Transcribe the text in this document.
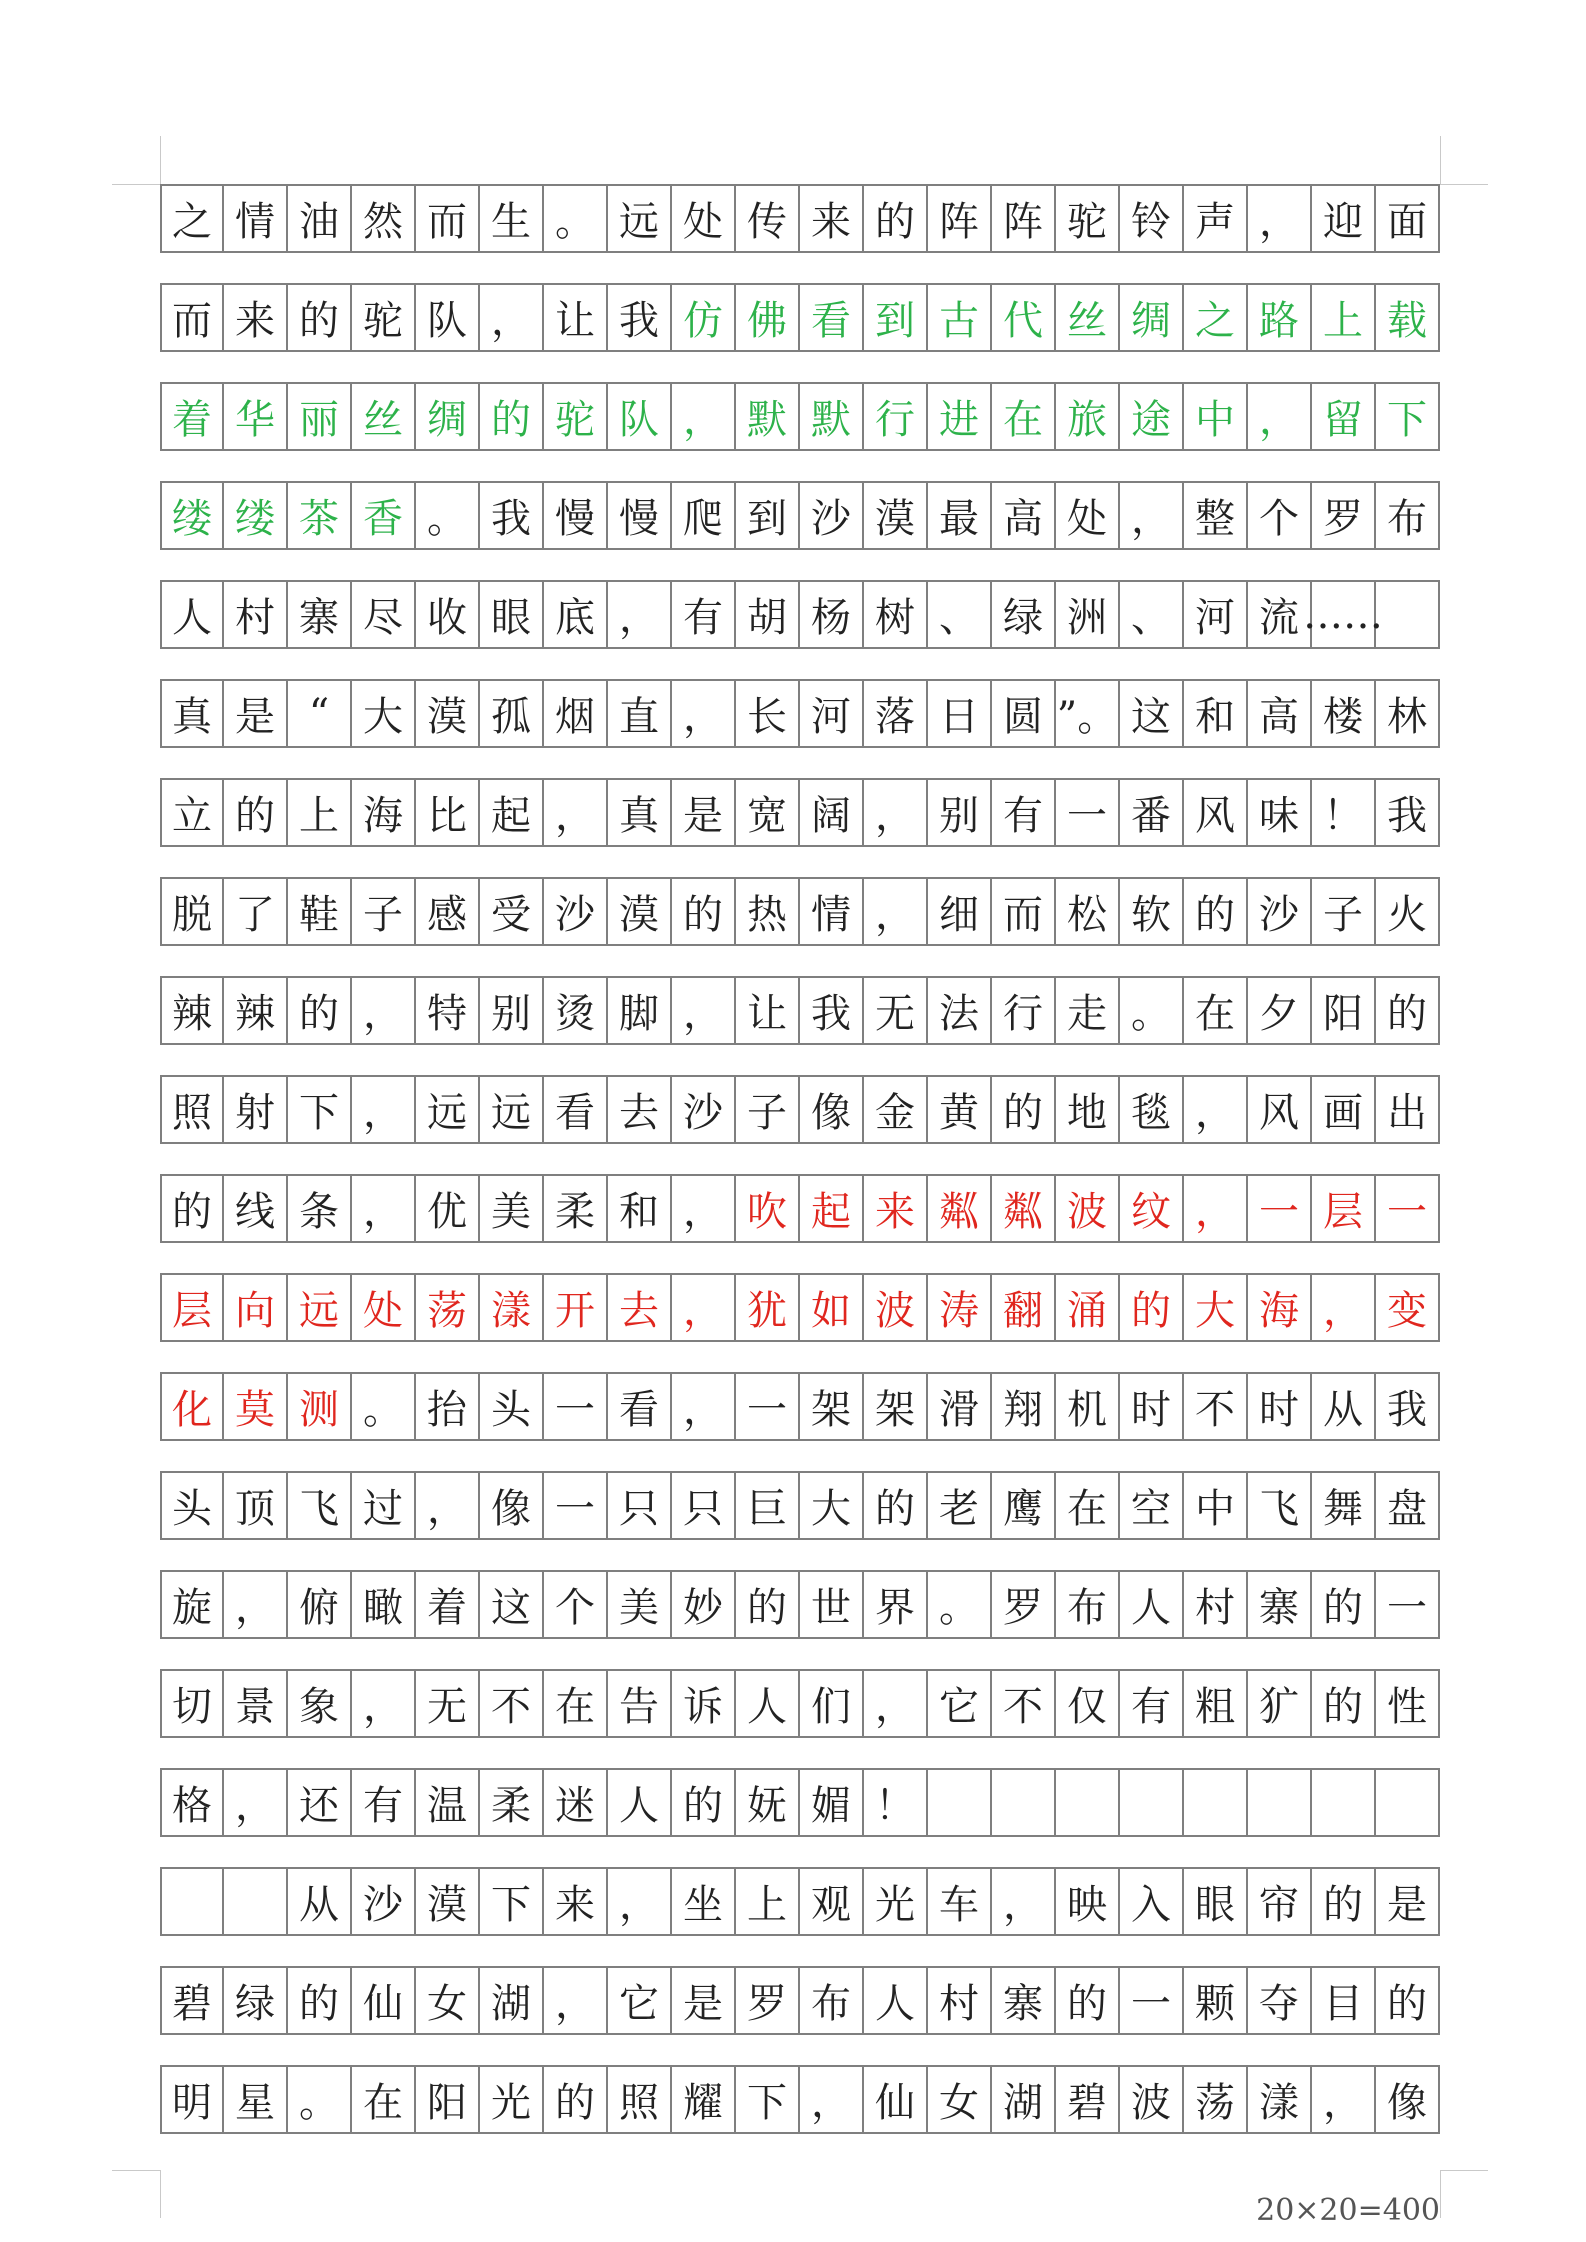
之 情 油 然 而 生 。 远 处 传 来 的 阵 阵 驼 铃 声 ， 迎 面
而 来 的 驼 队 ， 让 我 仿 佛 看 到 古 代 丝 绸 之 路 上 载
着 华 丽 丝 绸 的 驼 队 ， 默 默 行 进 在 旅 途 中 ， 留 下
缕 缕 茶 香 。 我 慢 慢 爬 到 沙 漠 最 高 处 ， 整 个 罗 布
人 村 寨 尽 收 眼 底 ， 有 胡 杨 树 、 绿 洲 、 河 流 ……
真 是 “ 大 漠 孤 烟 直 ， 长 河 落 日 圆 ”。 这 和 高 楼 林
立 的 上 海 比 起 ， 真 是 宽 阔 ， 别 有 一 番 风 味 ！ 我
脱 了 鞋 子 感 受 沙 漠 的 热 情 ， 细 而 松 软 的 沙 子 火
辣 辣 的 ， 特 别 烫 脚 ， 让 我 无 法 行 走 。 在 夕 阳 的
照 射 下 ， 远 远 看 去 沙 子 像 金 黄 的 地 毯 ， 风 画 出
的 线 条 ， 优 美 柔 和 ， 吹 起 来 粼 粼 波 纹 ， 一 层 一
层 向 远 处 荡 漾 开 去 ， 犹 如 波 涛 翻 涌 的 大 海 ， 变
化 莫 测 。 抬 头 一 看 ， 一 架 架 滑 翔 机 时 不 时 从 我
头 顶 飞 过 ， 像 一 只 只 巨 大 的 老 鹰 在 空 中 飞 舞 盘
旋 ， 俯 瞰 着 这 个 美 妙 的 世 界 。 罗 布 人 村 寨 的 一
切 景 象 ， 无 不 在 告 诉 人 们 ， 它 不 仅 有 粗 犷 的 性
格 ， 还 有 温 柔 迷 人 的 妩 媚 ！
从 沙 漠 下 来 ， 坐 上 观 光 车 ， 映 入 眼 帘 的 是
碧 绿 的 仙 女 湖 ， 它 是 罗 布 人 村 寨 的 一 颗 夺 目 的
明 星 。 在 阳 光 的 照 耀 下 ， 仙 女 湖 碧 波 荡 漾 ， 像
20×20=400
